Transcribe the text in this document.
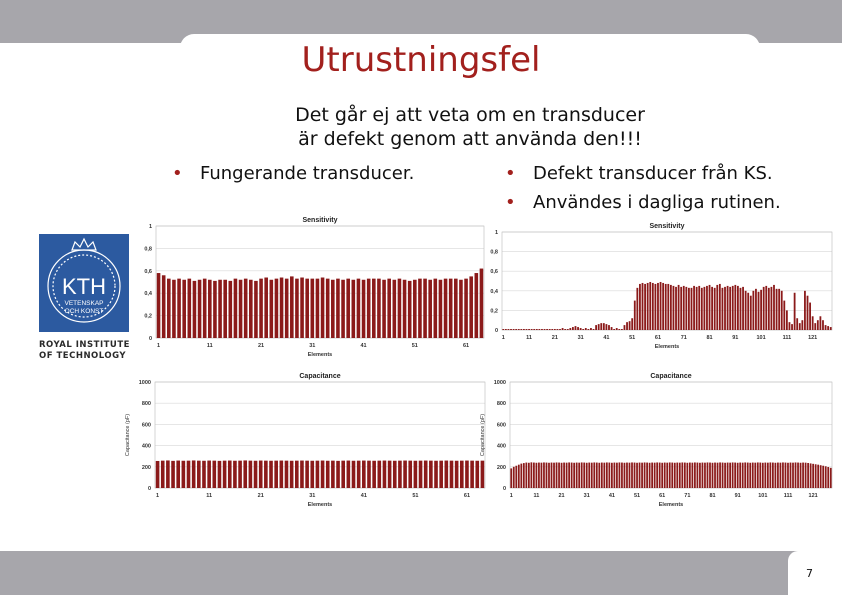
Utrustningsfel
Det går ej att veta om en transducer
är defekt genom att använda den!!!
• Fungerande transducer.	• Defekt transducer från KS.
• Användes i dagliga rutinen.
KTH
VETENSKAP
OCH KONST
ROYAL INSTITUTE
OF TECHNOLOGY
Sensitivity
0
0,2
0,4
0,6
0,8
1
1	11	21	31	41	51	61
Elements
Sensitivity
0
0,2
0,4
0,6
0,8
1
1	11	21	31	41	51	61	71	81	91	101	111	121
Elements
Capacitance
0
200
400
600
800
1000
1	11	21	31	41	51	61
Elements
Capacitance (pF)
Capacitance
0
200
400
600
800
1000
1	11	21	31	41	51	61	71	81	91	101	111	121
Elements
Capacitance (pF)
7
